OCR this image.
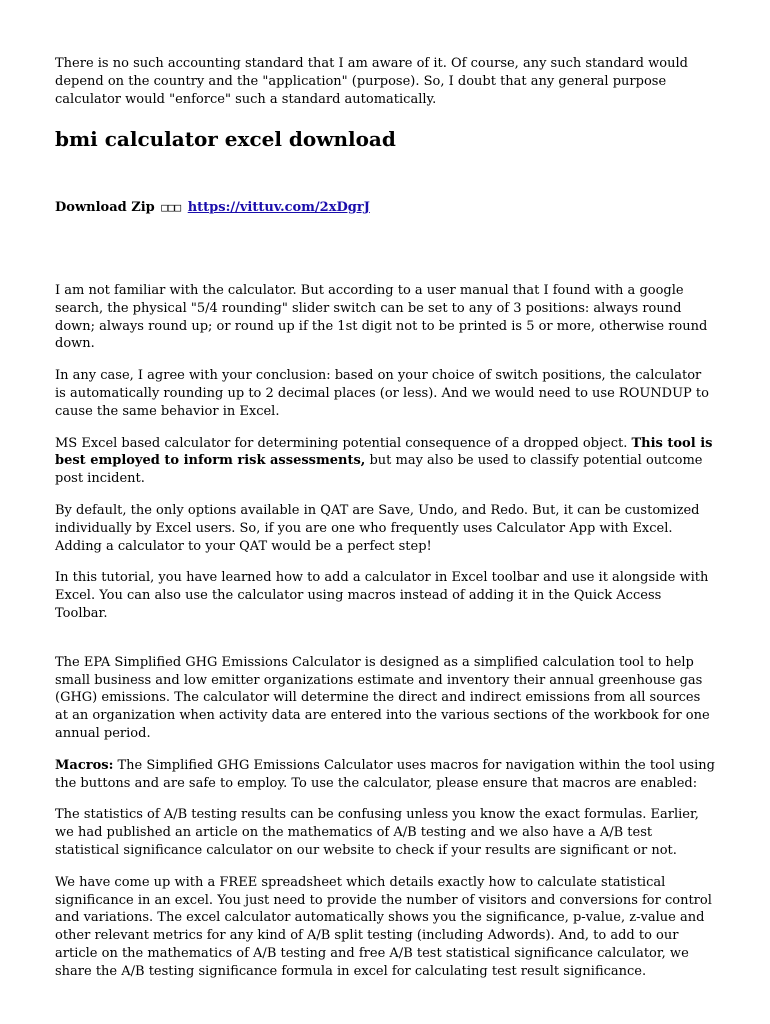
There is no such accounting standard that I am aware of it. Of course, any such standard would depend on the country and the "application" (purpose). So, I doubt that any general purpose calculator would "enforce" such a standard automatically.

bmi calculator excel download
Download Zip □□□ https://vittuv.com/2xDgrJ

I am not familiar with the calculator. But according to a user manual that I found with a google search, the physical "5/4 rounding" slider switch can be set to any of 3 positions: always round down; always round up; or round up if the 1st digit not to be printed is 5 or more, otherwise round down.

In any case, I agree with your conclusion: based on your choice of switch positions, the calculator is automatically rounding up to 2 decimal places (or less). And we would need to use ROUNDUP to cause the same behavior in Excel.

MS Excel based calculator for determining potential consequence of a dropped object. This tool is best employed to inform risk assessments, but may also be used to classify potential outcome post incident.

By default, the only options available in QAT are Save, Undo, and Redo. But, it can be customized individually by Excel users. So, if you are one who frequently uses Calculator App with Excel. Adding a calculator to your QAT would be a perfect step!

In this tutorial, you have learned how to add a calculator in Excel toolbar and use it alongside with Excel. You can also use the calculator using macros instead of adding it in the Quick Access Toolbar.

The EPA Simplified GHG Emissions Calculator is designed as a simplified calculation tool to help small business and low emitter organizations estimate and inventory their annual greenhouse gas (GHG) emissions. The calculator will determine the direct and indirect emissions from all sources at an organization when activity data are entered into the various sections of the workbook for one annual period.

Macros: The Simplified GHG Emissions Calculator uses macros for navigation within the tool using the buttons and are safe to employ. To use the calculator, please ensure that macros are enabled:

The statistics of A/B testing results can be confusing unless you know the exact formulas. Earlier, we had published an article on the mathematics of A/B testing and we also have a A/B test statistical significance calculator on our website to check if your results are significant or not.

We have come up with a FREE spreadsheet which details exactly how to calculate statistical significance in an excel. You just need to provide the number of visitors and conversions for control and variations. The excel calculator automatically shows you the significance, p-value, z-value and other relevant metrics for any kind of A/B split testing (including Adwords). And, to add to our article on the mathematics of A/B testing and free A/B test statistical significance calculator, we share the A/B testing significance formula in excel for calculating test result significance.
